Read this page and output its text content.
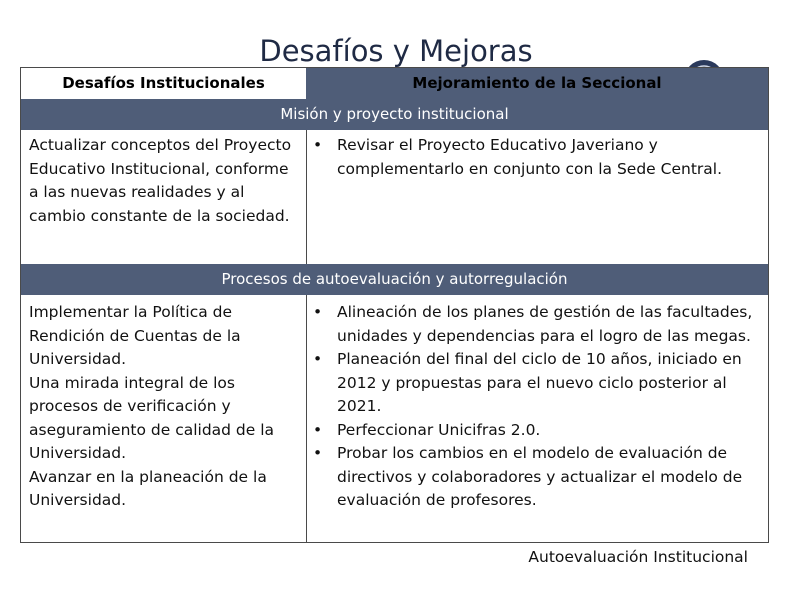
Desafíos y Mejoras
Desafíos Institucionales	Mejoramiento de la Seccional
Misión y proyecto institucional

Actualizar conceptos del Proyecto Educativo Institucional, conforme a las nuevas realidades y al cambio constante de la sociedad.

• Revisar el Proyecto Educativo Javeriano y complementarlo en conjunto con la Sede Central.
Procesos de autoevaluación y autorregulación

Implementar la Política de Rendición de Cuentas de la Universidad.

Una mirada integral de los procesos de verificación y aseguramiento de calidad de la Universidad.

Avanzar en la planeación de la Universidad.

• Alineación de los planes de gestión de las facultades, unidades y dependencias para el logro de las megas.
• Planeación del final del ciclo de 10 años, iniciado en 2012 y propuestas para el nuevo ciclo posterior al 2021.
• Perfeccionar Unicifras 2.0.
• Probar los cambios en el modelo de evaluación de directivos y colaboradores y actualizar el modelo de evaluación de profesores.
Autoevaluación Institucional
